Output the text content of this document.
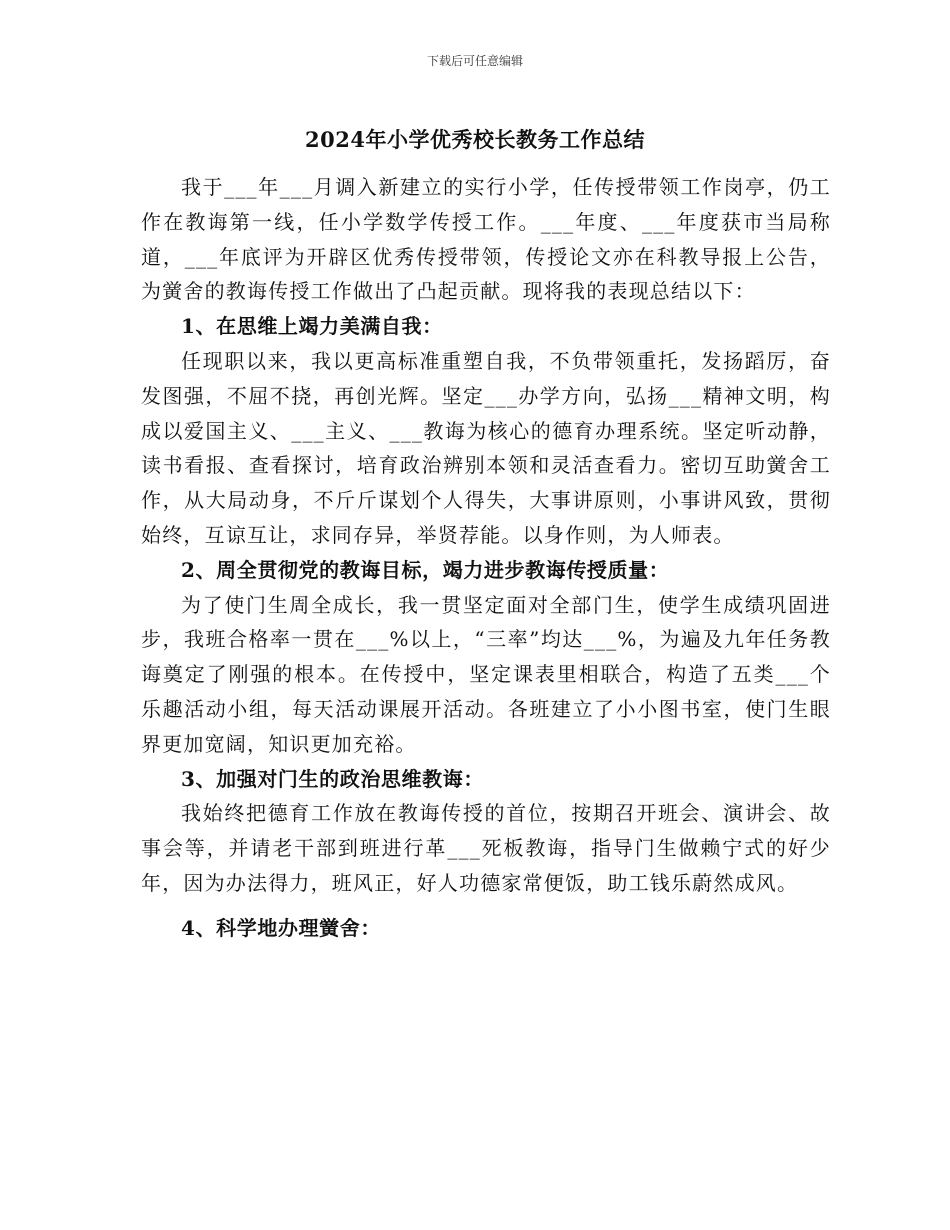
下载后可任意编辑
2024年小学优秀校长教务工作总结

我于___年___月调入新建立的实行小学，任传授带领工作岗亭，仍工作在教诲第一线，任小学数学传授工作。___年度、___年度获市当局称道，___年底评为开辟区优秀传授带领，传授论文亦在科教导报上公告，为黉舍的教诲传授工作做出了凸起贡献。现将我的表现总结以下：

1、在思维上竭力美满自我：

任现职以来，我以更高标准重塑自我，不负带领重托，发扬蹈厉，奋发图强，不屈不挠，再创光辉。坚定___办学方向，弘扬___精神文明，构成以爱国主义、___主义、___教诲为核心的德育办理系统。坚定听动静，读书看报、查看探讨，培育政治辨别本领和灵活查看力。密切互助黉舍工作，从大局动身，不斤斤谋划个人得失，大事讲原则，小事讲风致，贯彻始终，互谅互让，求同存异，举贤荐能。以身作则，为人师表。

2、周全贯彻党的教诲目标，竭力进步教诲传授质量：

为了使门生周全成长，我一贯坚定面对全部门生，使学生成绩巩固进步，我班合格率一贯在___%以上，“三率”均达___%，为遍及九年任务教诲奠定了刚强的根本。在传授中，坚定课表里相联合，构造了五类___个乐趣活动小组，每天活动课展开活动。各班建立了小小图书室，使门生眼界更加宽阔，知识更加充裕。

3、加强对门生的政治思维教诲：

我始终把德育工作放在教诲传授的首位，按期召开班会、演讲会、故事会等，并请老干部到班进行革___死板教诲，指导门生做赖宁式的好少年，因为办法得力，班风正，好人功德家常便饭，助工钱乐蔚然成风。

4、科学地办理黉舍：
